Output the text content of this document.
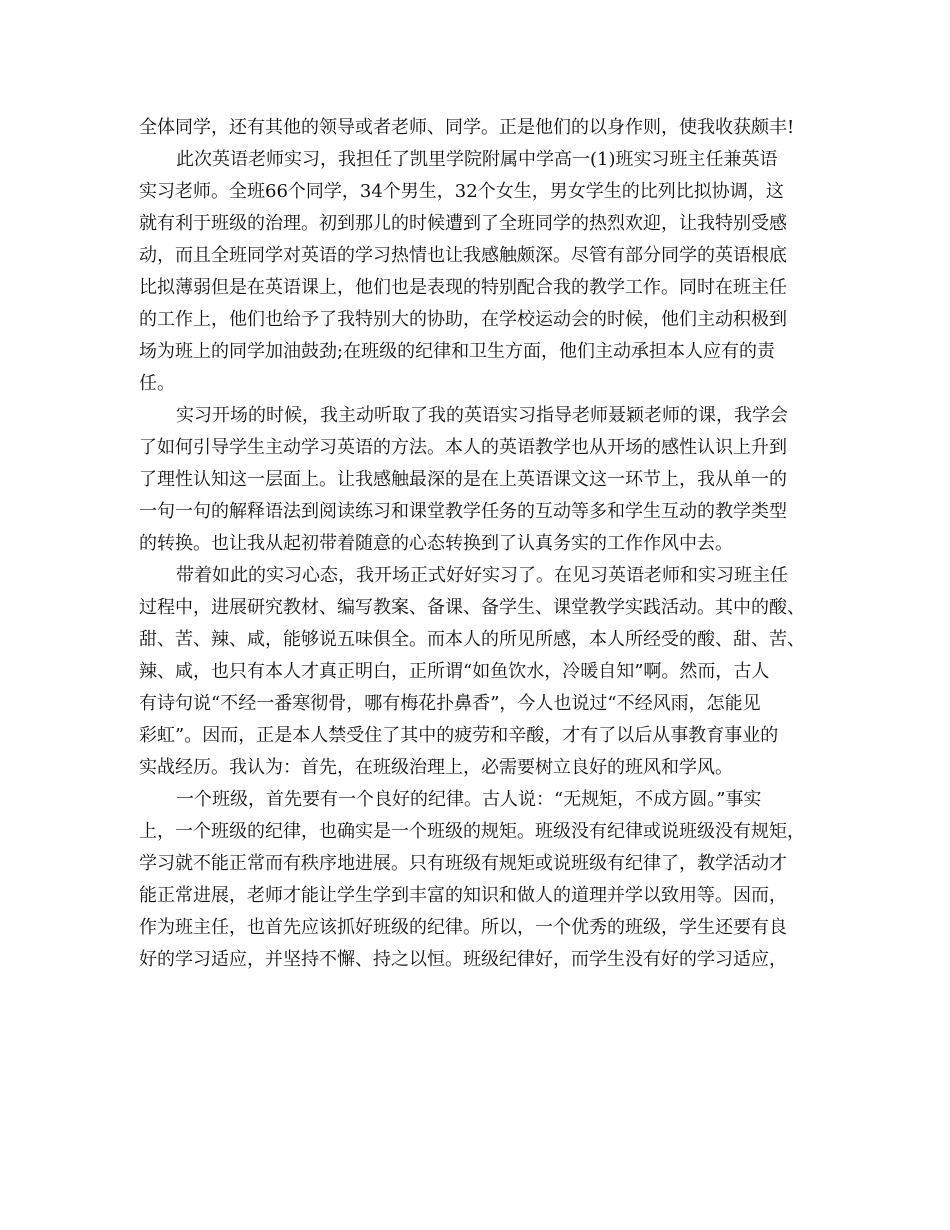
全体同学，还有其他的领导或者老师、同学。正是他们的以身作则，使我收获颇丰!

此次英语老师实习，我担任了凯里学院附属中学高一(1)班实习班主任兼英语

实习老师。全班66个同学，34个男生，32个女生，男女学生的比列比拟协调，这

就有利于班级的治理。初到那儿的时候遭到了全班同学的热烈欢迎，让我特别受感

动，而且全班同学对英语的学习热情也让我感触颇深。尽管有部分同学的英语根底

比拟薄弱但是在英语课上，他们也是表现的特别配合我的教学工作。同时在班主任

的工作上，他们也给予了我特别大的协助，在学校运动会的时候，他们主动积极到

场为班上的同学加油鼓劲;在班级的纪律和卫生方面，他们主动承担本人应有的责

任。

实习开场的时候，我主动听取了我的英语实习指导老师聂颖老师的课，我学会

了如何引导学生主动学习英语的方法。本人的英语教学也从开场的感性认识上升到

了理性认知这一层面上。让我感触最深的是在上英语课文这一环节上，我从单一的

一句一句的解释语法到阅读练习和课堂教学任务的互动等多和学生互动的教学类型

的转换。也让我从起初带着随意的心态转换到了认真务实的工作作风中去。

带着如此的实习心态，我开场正式好好实习了。在见习英语老师和实习班主任

过程中，进展研究教材、编写教案、备课、备学生、课堂教学实践活动。其中的酸、

甜、苦、辣、咸，能够说五味俱全。而本人的所见所感，本人所经受的酸、甜、苦、

辣、咸，也只有本人才真正明白，正所谓“如鱼饮水，冷暖自知”啊。然而，古人

有诗句说“不经一番寒彻骨，哪有梅花扑鼻香”，今人也说过“不经风雨，怎能见

彩虹”。因而，正是本人禁受住了其中的疲劳和辛酸，才有了以后从事教育事业的

实战经历。我认为：首先，在班级治理上，必需要树立良好的班风和学风。

一个班级，首先要有一个良好的纪律。古人说：“无规矩，不成方圆。”事实

上，一个班级的纪律，也确实是一个班级的规矩。班级没有纪律或说班级没有规矩，

学习就不能正常而有秩序地进展。只有班级有规矩或说班级有纪律了，教学活动才

能正常进展，老师才能让学生学到丰富的知识和做人的道理并学以致用等。因而，

作为班主任，也首先应该抓好班级的纪律。所以，一个优秀的班级，学生还要有良

好的学习适应，并坚持不懈、持之以恒。班级纪律好，而学生没有好的学习适应，
